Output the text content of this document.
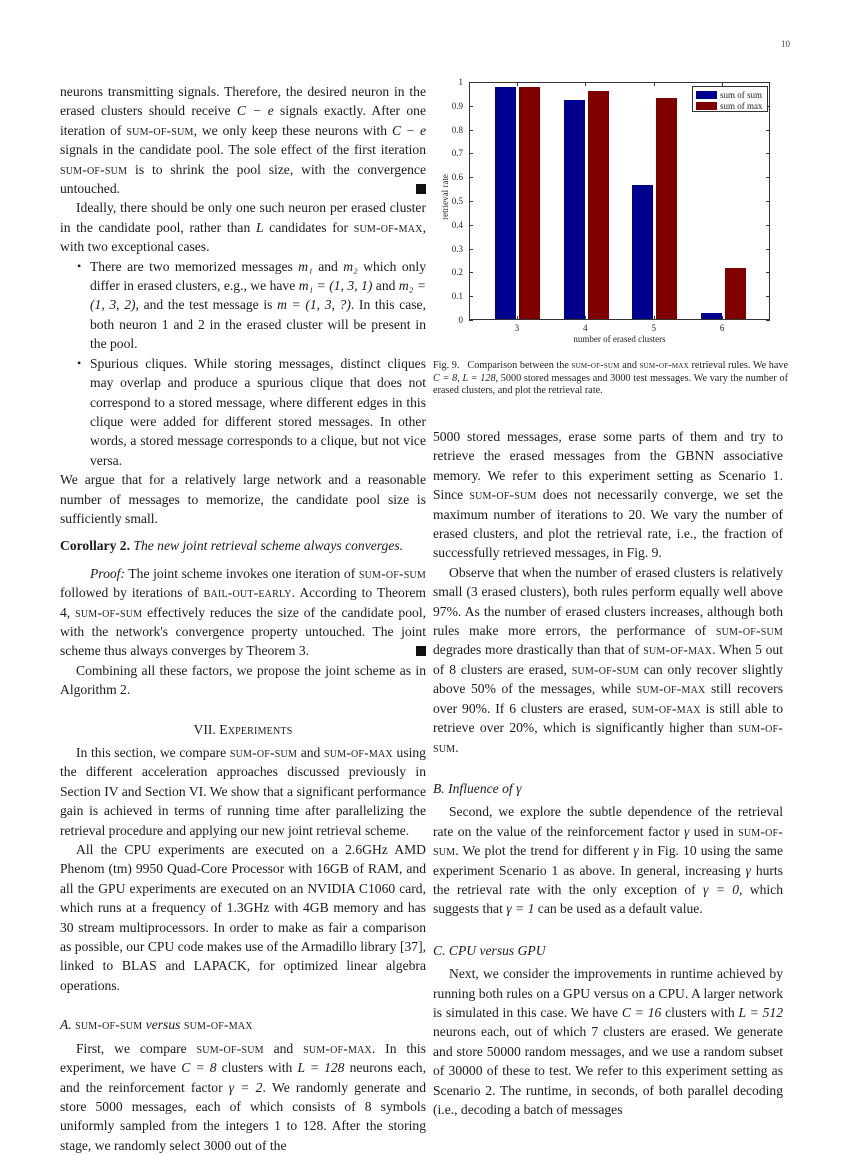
10

neurons transmitting signals. Therefore, the desired neuron in the erased clusters should receive C − e signals exactly. After one iteration of sum-of-sum, we only keep these neurons with C − e signals in the candidate pool. The sole effect of the first iteration sum-of-sum is to shrink the pool size, with the convergence untouched.

Ideally, there should be only one such neuron per erased cluster in the candidate pool, rather than L candidates for sum-of-max, with two exceptional cases.

• There are two memorized messages m₁ and m₂ which only differ in erased clusters, e.g., we have m₁ = (1, 3, 1) and m₂ = (1, 3, 2), and the test message is m = (1, 3, ?). In this case, both neuron 1 and 2 in the erased cluster will be present in the pool.
• Spurious cliques. While storing messages, distinct cliques may overlap and produce a spurious clique that does not correspond to a stored message, where different edges in this clique were added for different stored messages. In other words, a stored message corresponds to a clique, but not vice versa.

We argue that for a relatively large network and a reasonable number of messages to memorize, the candidate pool size is sufficiently small.

Corollary 2. The new joint retrieval scheme always converges.

Proof: The joint scheme invokes one iteration of sum-of-sum followed by iterations of bail-out-early. According to Theorem 4, sum-of-sum effectively reduces the size of the candidate pool, with the network's convergence property untouched. The joint scheme thus always converges by Theorem 3.

Combining all these factors, we propose the joint scheme as in Algorithm 2.

VII. Experiments

In this section, we compare sum-of-sum and sum-of-max using the different acceleration approaches discussed previously in Section IV and Section VI. We show that a significant performance gain is achieved in terms of running time after parallelizing the retrieval procedure and applying our new joint retrieval scheme.

All the CPU experiments are executed on a 2.6GHz AMD Phenom (tm) 9950 Quad-Core Processor with 16GB of RAM, and all the GPU experiments are executed on an NVIDIA C1060 card, which runs at a frequency of 1.3GHz with 4GB memory and has 30 stream multiprocessors. In order to make as fair a comparison as possible, our CPU code makes use of the Armadillo library [37], linked to BLAS and LAPACK, for optimized linear algebra operations.

A. sum-of-sum versus sum-of-max

First, we compare sum-of-sum and sum-of-max. In this experiment, we have C = 8 clusters with L = 128 neurons each, and the reinforcement factor γ = 2. We randomly generate and store 5000 messages, each of which consists of 8 symbols uniformly sampled from the integers 1 to 128. After the storing stage, we randomly select 3000 out of the

retrieval rate
0
0.1
0.2
0.3
0.4
0.5
0.6
0.7
0.8
0.9
1
3	4	5	6
number of erased clusters
sum of sum
sum of max
Fig. 9. Comparison between the sum-of-sum and sum-of-max retrieval rules. We have C = 8, L = 128, 5000 stored messages and 3000 test messages. We vary the number of erased clusters, and plot the retrieval rate.

5000 stored messages, erase some parts of them and try to retrieve the erased messages from the GBNN associative memory. We refer to this experiment setting as Scenario 1. Since sum-of-sum does not necessarily converge, we set the maximum number of iterations to 20. We vary the number of erased clusters, and plot the retrieval rate, i.e., the fraction of successfully retrieved messages, in Fig. 9.

Observe that when the number of erased clusters is relatively small (3 erased clusters), both rules perform equally well above 97%. As the number of erased clusters increases, although both rules make more errors, the performance of sum-of-sum degrades more drastically than that of sum-of-max. When 5 out of 8 clusters are erased, sum-of-sum can only recover slightly above 50% of the messages, while sum-of-max still recovers over 90%. If 6 clusters are erased, sum-of-max is still able to retrieve over 20%, which is significantly higher than sum-of-sum.

B. Influence of γ

Second, we explore the subtle dependence of the retrieval rate on the value of the reinforcement factor γ used in sum-of-sum. We plot the trend for different γ in Fig. 10 using the same experiment Scenario 1 as above. In general, increasing γ hurts the retrieval rate with the only exception of γ = 0, which suggests that γ = 1 can be used as a default value.

C. CPU versus GPU

Next, we consider the improvements in runtime achieved by running both rules on a GPU versus on a CPU. A larger network is simulated in this case. We have C = 16 clusters with L = 512 neurons each, out of which 7 clusters are erased. We generate and store 50000 random messages, and we use a random subset of 30000 of these to test. We refer to this experiment setting as Scenario 2. The runtime, in seconds, of both parallel decoding (i.e., decoding a batch of messages
